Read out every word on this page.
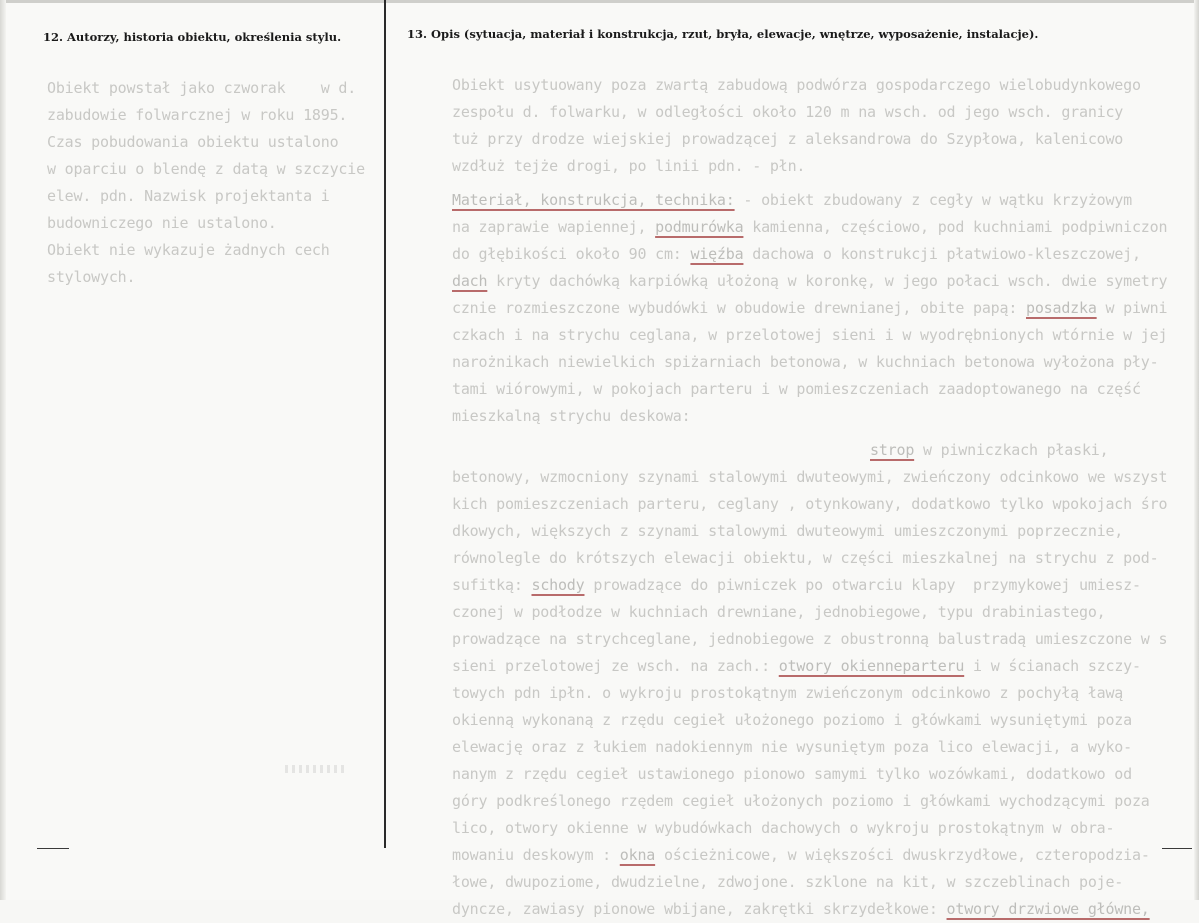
12. Autorzy, historia obiektu, określenia stylu.
Obiekt powstał jako czworak    w d.
zabudowie folwarcznej w roku 1895.
Czas pobudowania obiektu ustalono
w oparciu o blendę z datą w szczycie
elew. pdn. Nazwisk projektanta i
budowniczego nie ustalono.
Obiekt nie wykazuje żadnych cech
stylowych.
13. Opis (sytuacja, materiał i konstrukcja, rzut, bryła, elewacje, wnętrze, wyposażenie, instalacje).
Obiekt usytuowany poza zwartą zabudową podwórza gospodarczego wielobudynkowego
zespołu d. folwarku, w odległości około 120 m na wsch. od jego wsch. granicy
tuż przy drodze wiejskiej prowadzącej z aleksandrowa do Szypłowa, kalenicowo
wzdłuż tejże drogi, po linii pdn. - płn.
Materiał, konstrukcja, technika: - obiekt zbudowany z cegły w wątku krzyżowym
na zaprawie wapiennej, podmurówka kamienna, częściowo, pod kuchniami podpiwniczon
do głębikości około 90 cm: więźba dachowa o konstrukcji płatwiowo-kleszczowej,
dach kryty dachówką karpiówką ułożoną w koronkę, w jego połaci wsch. dwie symetry
cznie rozmieszczone wybudówki w obudowie drewnianej, obite papą: posadzka w piwni
czkach i na strychu ceglana, w przelotowej sieni i w wyodrębnionych wtórnie w jej
narożnikach niewielkich spiżarniach betonowa, w kuchniach betonowa wyłożona pły-
tami wiórowymi, w pokojach parteru i w pomieszczeniach zaadoptowanego na część
mieszkalną strychu deskowa:
strop w piwniczkach płaski,
betonowy, wzmocniony szynami stalowymi dwuteowymi, zwieńczony odcinkowo we wszyst
kich pomieszczeniach parteru, ceglany , otynkowany, dodatkowo tylko wpokojach śro
dkowych, większych z szynami stalowymi dwuteowymi umieszczonymi poprzecznie,
równolegle do krótszych elewacji obiektu, w części mieszkalnej na strychu z pod-
sufitką: schody prowadzące do piwniczek po otwarciu klapy  przymykowej umiesz-
czonej w podłodze w kuchniach drewniane, jednobiegowe, typu drabiniastego,
prowadzące na strychceglane, jednobiegowe z obustronną balustradą umieszczone w s
sieni przelotowej ze wsch. na zach.: otwory okienneparteru i w ścianach szczy-
towych pdn ipłn. o wykroju prostokątnym zwieńczonym odcinkowo z pochyłą ławą
okienną wykonaną z rzędu cegieł ułożonego poziomo i główkami wysuniętymi poza
elewację oraz z łukiem nadokiennym nie wysuniętym poza lico elewacji, a wyko-
nanym z rzędu cegieł ustawionego pionowo samymi tylko wozówkami, dodatkowo od
góry podkreślonego rzędem cegieł ułożonych poziomo i główkami wychodzącymi poza
lico, otwory okienne w wybudówkach dachowych o wykroju prostokątnym w obra-
mowaniu deskowym : okna ościeżnicowe, w większości dwuskrzydłowe, czteropodzia-
łowe, dwupoziome, dwudzielne, zdwojone. szklone na kit, w szczeblinach poje-
dyncze, zawiasy pionowe wbijane, zakrętki skrzydełkowe: otwory drzwiowe główne,
